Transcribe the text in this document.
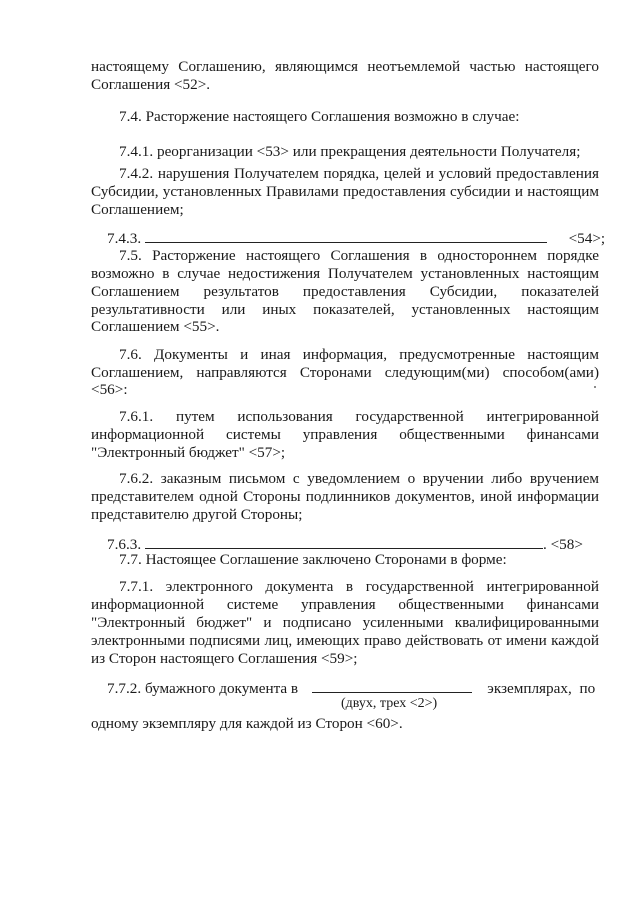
настоящему Соглашению, являющимся неотъемлемой частью настоящего
Соглашения <52>.
7.4. Расторжение настоящего Соглашения возможно в случае:
7.4.1. реорганизации <53> или прекращения деятельности Получателя;
7.4.2. нарушения Получателем порядка, целей и условий предоставления
Субсидии, установленных Правилами предоставления субсидии и настоящим
Соглашением;
7.4.3.	<54>;
7.5. Расторжение настоящего Соглашения в одностороннем порядке
возможно в случае недостижения Получателем установленных настоящим
Соглашением результатов предоставления Субсидии, показателей
результативности или иных показателей, установленных настоящим
Соглашением <55>.
7.6. Документы и иная информация, предусмотренные настоящим
Соглашением, направляются Сторонами следующим(ми) способом(ами)
<56>:
7.6.1. путем использования государственной интегрированной
информационной системы управления общественными финансами
"Электронный бюджет" <57>;
7.6.2. заказным письмом с уведомлением о вручении либо вручением
представителем одной Стороны подлинников документов, иной информации
представителю другой Стороны;
7.6.3.	. <58>
7.7. Настоящее Соглашение заключено Сторонами в форме:
7.7.1. электронного документа в государственной интегрированной
информационной системе управления общественными финансами
"Электронный бюджет" и подписано усиленными квалифицированными
электронными подписями лиц, имеющих право действовать от имени каждой
из Сторон настоящего Соглашения <59>;
7.7.2. бумажного документа в	экземплярах, по
(двух, трех <2>)
одному экземпляру для каждой из Сторон <60>.
